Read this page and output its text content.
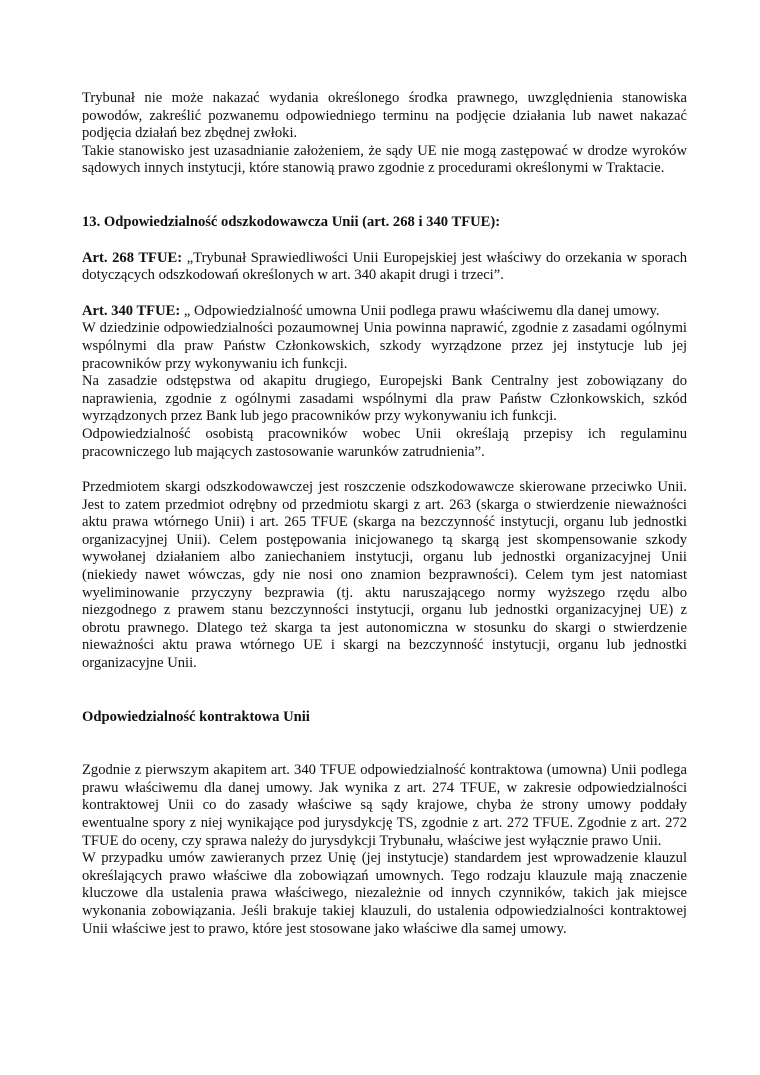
Trybunał nie może nakazać wydania określonego środka prawnego, uwzględnienia stanowiska powodów, zakreślić pozwanemu odpowiedniego terminu na podjęcie działania lub nawet nakazać podjęcia działań bez zbędnej zwłoki.

Takie stanowisko jest uzasadnianie założeniem, że sądy UE nie mogą zastępować w drodze wyroków sądowych innych instytucji, które stanowią prawo zgodnie z procedurami określonymi w Traktacie.

13. Odpowiedzialność odszkodowawcza Unii (art. 268 i 340 TFUE):

Art. 268 TFUE: „Trybunał Sprawiedliwości Unii Europejskiej jest właściwy do orzekania w sporach dotyczących odszkodowań określonych w art. 340 akapit drugi i trzeci”.

Art. 340 TFUE: „ Odpowiedzialność umowna Unii podlega prawu właściwemu dla danej umowy.

W dziedzinie odpowiedzialności pozaumownej Unia powinna naprawić, zgodnie z zasadami ogólnymi wspólnymi dla praw Państw Członkowskich, szkody wyrządzone przez jej instytucje lub jej pracowników przy wykonywaniu ich funkcji.

Na zasadzie odstępstwa od akapitu drugiego, Europejski Bank Centralny jest zobowiązany do naprawienia, zgodnie z ogólnymi zasadami wspólnymi dla praw Państw Członkowskich, szkód wyrządzonych przez Bank lub jego pracowników przy wykonywaniu ich funkcji.

Odpowiedzialność osobistą pracowników wobec Unii określają przepisy ich regulaminu pracowniczego lub mających zastosowanie warunków zatrudnienia”.

Przedmiotem skargi odszkodowawczej jest roszczenie odszkodowawcze skierowane przeciwko Unii. Jest to zatem przedmiot odrębny od przedmiotu skargi z art. 263 (skarga o stwierdzenie nieważności aktu prawa wtórnego Unii) i art. 265 TFUE (skarga na bezczynność instytucji, organu lub jednostki organizacyjnej Unii). Celem postępowania inicjowanego tą skargą jest skompensowanie szkody wywołanej działaniem albo zaniechaniem instytucji, organu lub jednostki organizacyjnej Unii (niekiedy nawet wówczas, gdy nie nosi ono znamion bezprawności). Celem tym jest natomiast wyeliminowanie przyczyny bezprawia (tj. aktu naruszającego normy wyższego rzędu albo niezgodnego z prawem stanu bezczynności instytucji, organu lub jednostki organizacyjnej UE) z obrotu prawnego. Dlatego też skarga ta jest autonomiczna w stosunku do skargi o stwierdzenie nieważności aktu prawa wtórnego UE i skargi na bezczynność instytucji, organu lub jednostki organizacyjne Unii.

Odpowiedzialność kontraktowa Unii

Zgodnie z pierwszym akapitem art. 340 TFUE odpowiedzialność kontraktowa (umowna) Unii podlega prawu właściwemu dla danej umowy. Jak wynika z art. 274 TFUE, w zakresie odpowiedzialności kontraktowej Unii co do zasady właściwe są sądy krajowe, chyba że strony umowy poddały ewentualne spory z niej wynikające pod jurysdykcję TS, zgodnie z art. 272 TFUE. Zgodnie z art. 272 TFUE do oceny, czy sprawa należy do jurysdykcji Trybunału, właściwe jest wyłącznie prawo Unii.

W przypadku umów zawieranych przez Unię (jej instytucje) standardem jest wprowadzenie klauzul określających prawo właściwe dla zobowiązań umownych. Tego rodzaju klauzule mają znaczenie kluczowe dla ustalenia prawa właściwego, niezależnie od innych czynników, takich jak miejsce wykonania zobowiązania. Jeśli brakuje takiej klauzuli, do ustalenia odpowiedzialności kontraktowej Unii właściwe jest to prawo, które jest stosowane jako właściwe dla samej umowy.
